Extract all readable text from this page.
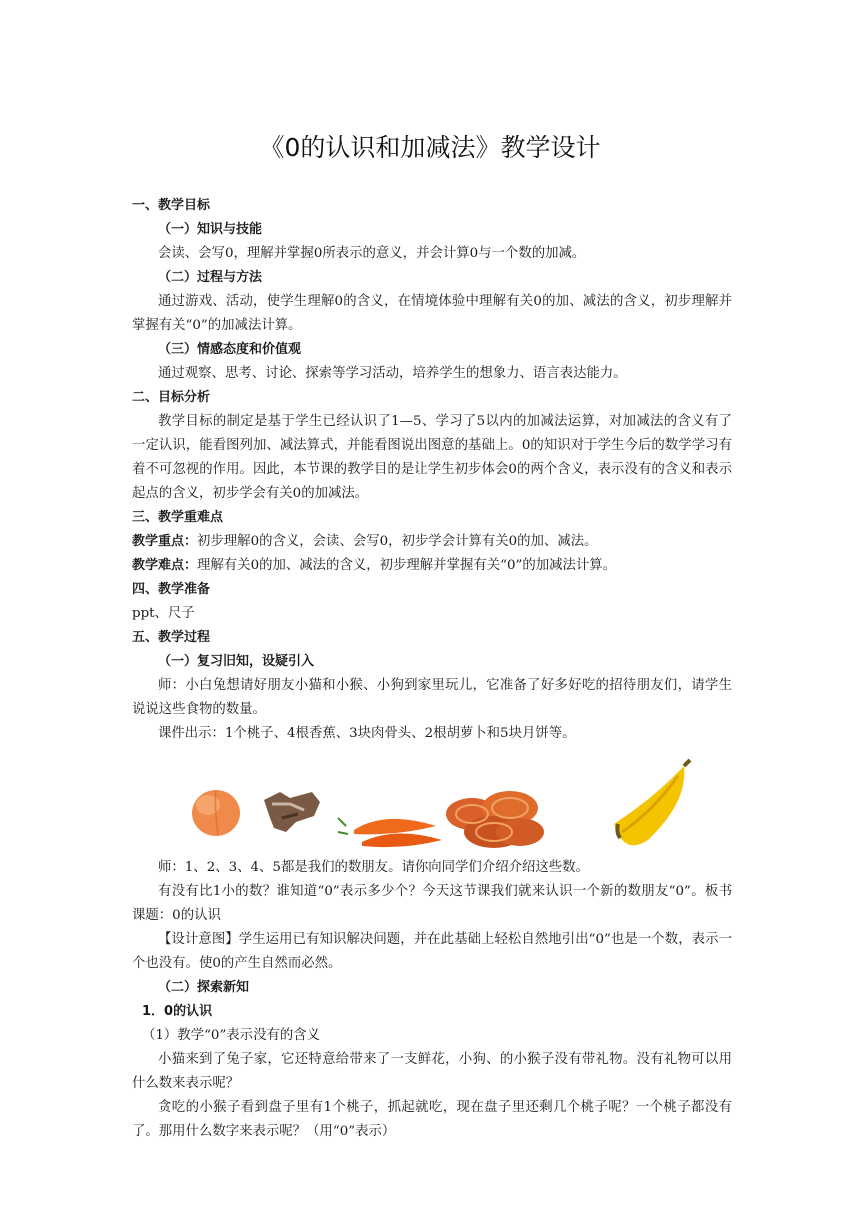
《0的认识和加减法》教学设计

一、教学目标

（一）知识与技能

会读、会写0，理解并掌握0所表示的意义，并会计算0与一个数的加减。

（二）过程与方法

通过游戏、活动，使学生理解0的含义，在情境体验中理解有关0的加、减法的含义，初步理解并掌握有关“0”的加减法计算。

（三）情感态度和价值观

通过观察、思考、讨论、探索等学习活动，培养学生的想象力、语言表达能力。

二、目标分析

教学目标的制定是基于学生已经认识了1—5、学习了5以内的加减法运算，对加减法的含义有了一定认识，能看图列加、减法算式，并能看图说出图意的基础上。0的知识对于学生今后的数学学习有着不可忽视的作用。因此，本节课的教学目的是让学生初步体会0的两个含义，表示没有的含义和表示起点的含义，初步学会有关0的加减法。

三、教学重难点

教学重点：初步理解0的含义，会读、会写0，初步学会计算有关0的加、减法。

教学难点：理解有关0的加、减法的含义，初步理解并掌握有关“0”的加减法计算。

四、教学准备

ppt、尺子

五、教学过程

（一）复习旧知，设疑引入

师：小白兔想请好朋友小猫和小猴、小狗到家里玩儿，它准备了好多好吃的招待朋友们，请学生说说这些食物的数量。

课件出示：1个桃子、4根香蕉、3块肉骨头、2根胡萝卜和5块月饼等。

师：1、2、3、4、5都是我们的数朋友。请你向同学们介绍介绍这些数。

有没有比1小的数？谁知道“0”表示多少个？今天这节课我们就来认识一个新的数朋友“0”。板书课题：0的认识

【设计意图】学生运用已有知识解决问题，并在此基础上轻松自然地引出“0”也是一个数，表示一个也没有。使0的产生自然而必然。

（二）探索新知

1．0的认识

（1）教学“0”表示没有的含义

小猫来到了兔子家，它还特意给带来了一支鲜花，小狗、的小猴子没有带礼物。没有礼物可以用什么数来表示呢？

贪吃的小猴子看到盘子里有1个桃子，抓起就吃，现在盘子里还剩几个桃子呢？一个桃子都没有了。那用什么数字来表示呢？（用“0”表示）
